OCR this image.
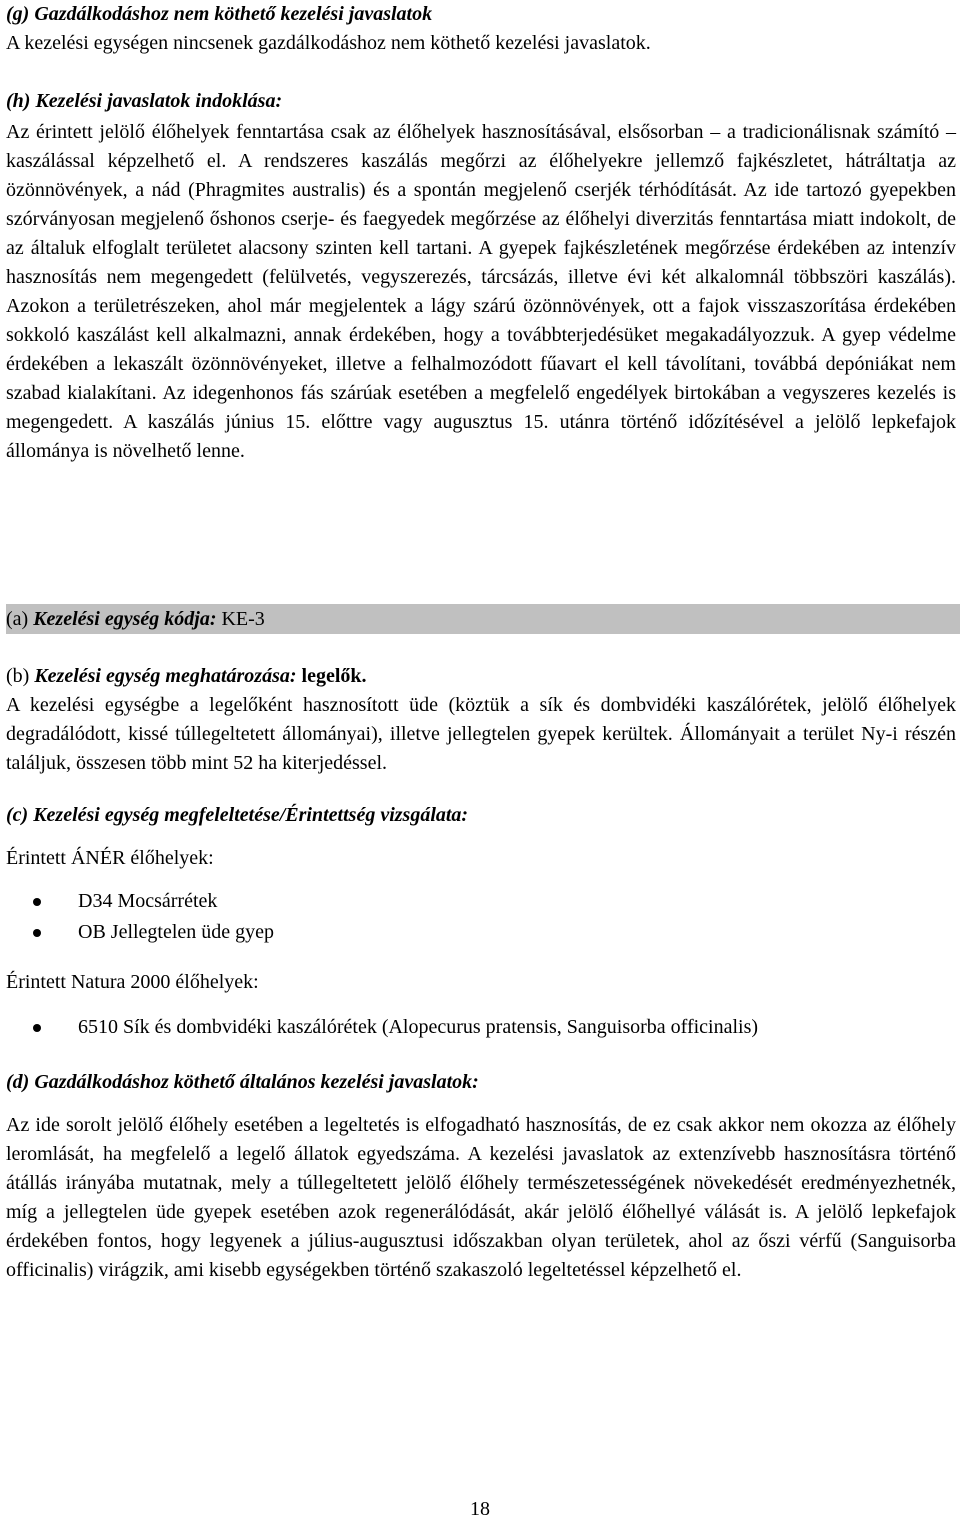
(g) Gazdálkodáshoz nem köthető kezelési javaslatok

A kezelési egységen nincsenek gazdálkodáshoz nem köthető kezelési javaslatok.

(h) Kezelési javaslatok indoklása:

Az érintett jelölő élőhelyek fenntartása csak az élőhelyek hasznosításával, elsősorban – a tradicionálisnak számító – kaszálással képzelhető el. A rendszeres kaszálás megőrzi az élőhelyekre jellemző fajkészletet, hátráltatja az özönnövények, a nád (Phragmites australis) és a spontán megjelenő cserjék térhódítását. Az ide tartozó gyepekben szórványosan megjelenő őshonos cserje- és faegyedek megőrzése az élőhelyi diverzitás fenntartása miatt indokolt, de az általuk elfoglalt területet alacsony szinten kell tartani. A gyepek fajkészletének megőrzése érdekében az intenzív hasznosítás nem megengedett (felülvetés, vegyszerezés, tárcsázás, illetve évi két alkalomnál többszöri kaszálás). Azokon a területrészeken, ahol már megjelentek a lágy szárú özönnövények, ott a fajok visszaszorítása érdekében sokkoló kaszálást kell alkalmazni, annak érdekében, hogy a továbbterjedésüket megakadályozzuk. A gyep védelme érdekében a lekaszált özönnövényeket, illetve a felhalmozódott fűavart el kell távolítani, továbbá depóniákat nem szabad kialakítani. Az idegenhonos fás szárúak esetében a megfelelő engedélyek birtokában a vegyszeres kezelés is megengedett. A kaszálás június 15. előttre vagy augusztus 15. utánra történő időzítésével a jelölő lepkefajok állománya is növelhető lenne.

(a) Kezelési egység kódja: KE-3

(b) Kezelési egység meghatározása: legelők.

A kezelési egységbe a legelőként hasznosított üde (köztük a sík és dombvidéki kaszálórétek, jelölő élőhelyek degradálódott, kissé túllegeltetett állományai), illetve jellegtelen gyepek kerültek. Állományait a terület Ny-i részén találjuk, összesen több mint 52 ha kiterjedéssel.

(c) Kezelési egység megfeleltetése/Érintettség vizsgálata:

Érintett ÁNÉR élőhelyek:

D34 Mocsárrétek
OB Jellegtelen üde gyep

Érintett Natura 2000 élőhelyek:

6510 Sík és dombvidéki kaszálórétek (Alopecurus pratensis, Sanguisorba officinalis)

(d) Gazdálkodáshoz köthető általános kezelési javaslatok:

Az ide sorolt jelölő élőhely esetében a legeltetés is elfogadható hasznosítás, de ez csak akkor nem okozza az élőhely leromlását, ha megfelelő a legelő állatok egyedszáma. A kezelési javaslatok az extenzívebb hasznosításra történő átállás irányába mutatnak, mely a túllegeltetett jelölő élőhely természetességének növekedését eredményezhetnék, míg a jellegtelen üde gyepek esetében azok regenerálódását, akár jelölő élőhellyé válását is. A jelölő lepkefajok érdekében fontos, hogy legyenek a július-augusztusi időszakban olyan területek, ahol az őszi vérfű (Sanguisorba officinalis) virágzik, ami kisebb egységekben történő szakaszoló legeltetéssel képzelhető el.

18
